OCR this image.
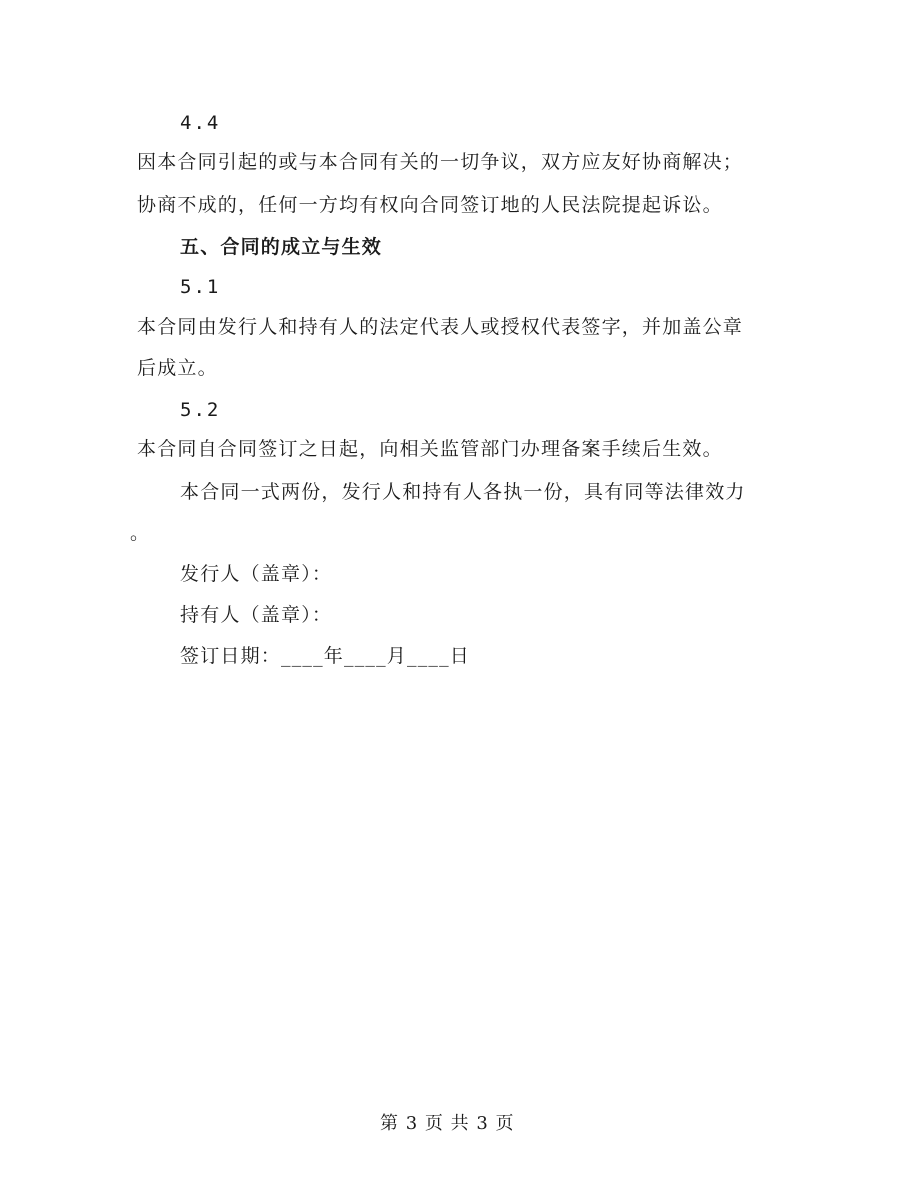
4.4
因本合同引起的或与本合同有关的一切争议，双方应友好协商解决；
协商不成的，任何一方均有权向合同签订地的人民法院提起诉讼。
五、合同的成立与生效
5.1
本合同由发行人和持有人的法定代表人或授权代表签字，并加盖公章
后成立。
5.2
本合同自合同签订之日起，向相关监管部门办理备案手续后生效。
本合同一式两份，发行人和持有人各执一份，具有同等法律效力
。
发行人（盖章）：
持有人（盖章）：
签订日期：____年____月____日
第 3 页 共 3 页
